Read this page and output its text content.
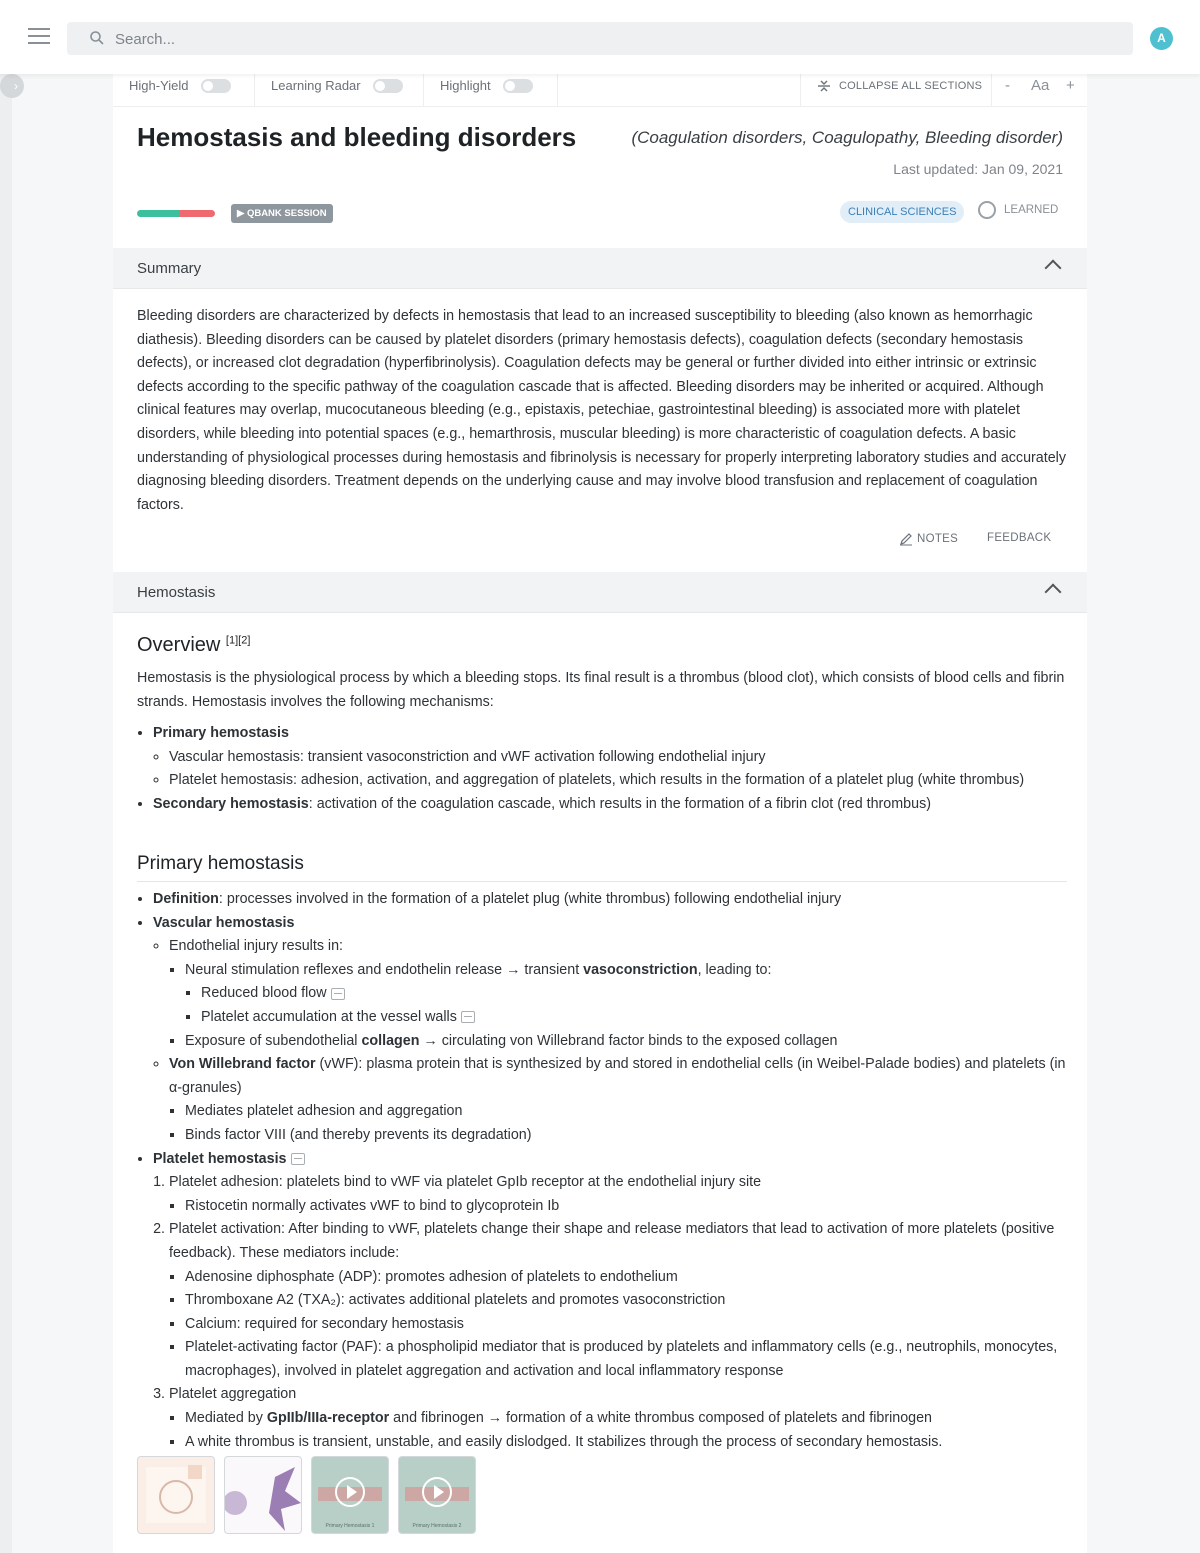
Search...
A
›	High-Yield	Learning Radar	Highlight	COLLAPSE ALL SECTIONS - Aa +
Hemostasis and bleeding disorders	(Coagulation disorders, Coagulopathy, Bleeding disorder)
Last updated: Jan 09, 2021
▶ QBANK SESSION	CLINICAL SCIENCES	LEARNED
Summary

Bleeding disorders are characterized by defects in hemostasis that lead to an increased susceptibility to bleeding (also known as hemorrhagic diathesis). Bleeding disorders can be caused by platelet disorders (primary hemostasis defects), coagulation defects (secondary hemostasis defects), or increased clot degradation (hyperfibrinolysis). Coagulation defects may be general or further divided into either intrinsic or extrinsic defects according to the specific pathway of the coagulation cascade that is affected. Bleeding disorders may be inherited or acquired. Although clinical features may overlap, mucocutaneous bleeding (e.g., epistaxis, petechiae, gastrointestinal bleeding) is associated more with platelet disorders, while bleeding into potential spaces (e.g., hemarthrosis, muscular bleeding) is more characteristic of coagulation defects. A basic understanding of physiological processes during hemostasis and fibrinolysis is necessary for properly interpreting laboratory studies and accurately diagnosing bleeding disorders. Treatment depends on the underlying cause and may involve blood transfusion and replacement of coagulation factors.

NOTES	FEEDBACK
Hemostasis
Overview [1][2]

Hemostasis is the physiological process by which a bleeding stops. Its final result is a thrombus (blood clot), which consists of blood cells and fibrin strands. Hemostasis involves the following mechanisms:

• Primary hemostasis
◦ Vascular hemostasis: transient vasoconstriction and vWF activation following endothelial injury
◦ Platelet hemostasis: adhesion, activation, and aggregation of platelets, which results in the formation of a platelet plug (white thrombus)
• Secondary hemostasis: activation of the coagulation cascade, which results in the formation of a fibrin clot (red thrombus)
Primary hemostasis
• Definition: processes involved in the formation of a platelet plug (white thrombus) following endothelial injury
• Vascular hemostasis
◦ Endothelial injury results in:
▪ Neural stimulation reflexes and endothelin release → transient vasoconstriction, leading to:
▪ Reduced blood flow
▪ Platelet accumulation at the vessel walls
▪ Exposure of subendothelial collagen → circulating von Willebrand factor binds to the exposed collagen
◦ Von Willebrand factor (vWF): plasma protein that is synthesized by and stored in endothelial cells (in Weibel-Palade bodies) and platelets (in α-granules)
▪ Mediates platelet adhesion and aggregation
▪ Binds factor VIII (and thereby prevents its degradation)
• Platelet hemostasis
1. Platelet adhesion: platelets bind to vWF via platelet GpIb receptor at the endothelial injury site
▪ Ristocetin normally activates vWF to bind to glycoprotein Ib
2. Platelet activation: After binding to vWF, platelets change their shape and release mediators that lead to activation of more platelets (positive feedback). These mediators include:
▪ Adenosine diphosphate (ADP): promotes adhesion of platelets to endothelium
▪ Thromboxane A2 (TXA₂): activates additional platelets and promotes vasoconstriction
▪ Calcium: required for secondary hemostasis
▪ Platelet-activating factor (PAF): a phospholipid mediator that is produced by platelets and inflammatory cells (e.g., neutrophils, monocytes, macrophages), involved in platelet aggregation and activation and local inflammatory response
3. Platelet aggregation
▪ Mediated by GpIIb/IIIa-receptor and fibrinogen → formation of a white thrombus composed of platelets and fibrinogen
▪ A white thrombus is transient, unstable, and easily dislodged. It stabilizes through the process of secondary hemostasis.
Primary Hemostasis 1	Primary Hemostasis 2
